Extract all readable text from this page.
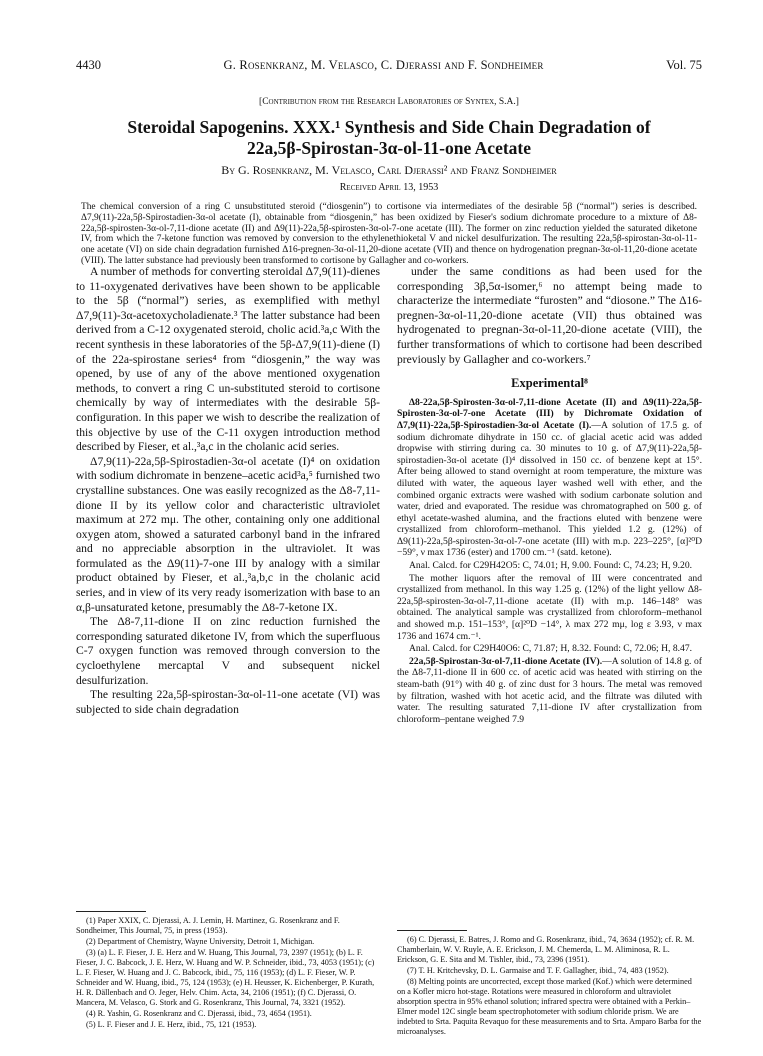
4430	G. Rosenkranz, M. Velasco, C. Djerassi and F. Sondheimer	Vol. 75
[Contribution from the Research Laboratories of Syntex, S.A.]
Steroidal Sapogenins. XXX.¹ Synthesis and Side Chain Degradation of
22a,5β-Spirostan-3α-ol-11-one Acetate
By G. Rosenkranz, M. Velasco, Carl Djerassi² and Franz Sondheimer
Received April 13, 1953
The chemical conversion of a ring C unsubstituted steroid (“diosgenin”) to cortisone via intermediates of the desirable 5β (“normal”) series is described. Δ7,9(11)-22a,5β-Spirostadien-3α-ol acetate (I), obtainable from “diosgenin,” has been oxidized by Fieser's sodium dichromate procedure to a mixture of Δ8-22a,5β-spirosten-3α-ol-7,11-dione acetate (II) and Δ9(11)-22a,5β-spirosten-3α-ol-7-one acetate (III). The former on zinc reduction yielded the saturated diketone IV, from which the 7-ketone function was removed by conversion to the ethylenethioketal V and nickel desulfurization. The resulting 22a,5β-spirostan-3α-ol-11-one acetate (VI) on side chain degradation furnished Δ16-pregnen-3α-ol-11,20-dione acetate (VII) and thence on hydrogenation pregnan-3α-ol-11,20-dione acetate (VIII). The latter substance had previously been transformed to cortisone by Gallagher and co-workers.

A number of methods for converting steroidal Δ7,9(11)-dienes to 11-oxygenated derivatives have been shown to be applicable to the 5β (“normal”) series, as exemplified with methyl Δ7,9(11)-3α-acetoxycholadienate.³ The latter substance had been derived from a C-12 oxygenated steroid, cholic acid.³a,c With the recent synthesis in these laboratories of the 5β-Δ7,9(11)-diene (I) of the 22a-spirostane series⁴ from “diosgenin,” the way was opened, by use of any of the above mentioned oxygenation methods, to convert a ring C un-substituted steroid to cortisone chemically by way of intermediates with the desirable 5β-configuration. In this paper we wish to describe the realization of this objective by use of the C-11 oxygen introduction method described by Fieser, et al.,³a,c in the cholanic acid series.

Δ7,9(11)-22a,5β-Spirostadien-3α-ol acetate (I)⁴ on oxidation with sodium dichromate in benzene–acetic acid³a,⁵ furnished two crystalline substances. One was easily recognized as the Δ8-7,11-dione II by its yellow color and characteristic ultraviolet maximum at 272 mμ. The other, containing only one additional oxygen atom, showed a saturated carbonyl band in the infrared and no appreciable absorption in the ultraviolet. It was formulated as the Δ9(11)-7-one III by analogy with a similar product obtained by Fieser, et al.,³a,b,c in the cholanic acid series, and in view of its very ready isomerization with base to an α,β-unsaturated ketone, presumably the Δ8-7-ketone IX.

The Δ8-7,11-dione II on zinc reduction furnished the corresponding saturated diketone IV, from which the superfluous C-7 oxygen function was removed through conversion to the cycloethylene mercaptal V and subsequent nickel desulfurization.

The resulting 22a,5β-spirostan-3α-ol-11-one acetate (VI) was subjected to side chain degradation

(1) Paper XXIX, C. Djerassi, A. J. Lemin, H. Martinez, G. Rosenkranz and F. Sondheimer, This Journal, 75, in press (1953).

(2) Department of Chemistry, Wayne University, Detroit 1, Michigan.

(3) (a) L. F. Fieser, J. E. Herz and W. Huang, This Journal, 73, 2397 (1951); (b) L. F. Fieser, J. C. Babcock, J. E. Herz, W. Huang and W. P. Schneider, ibid., 73, 4053 (1951); (c) L. F. Fieser, W. Huang and J. C. Babcock, ibid., 75, 116 (1953); (d) L. F. Fieser, W. P. Schneider and W. Huang, ibid., 75, 124 (1953); (e) H. Heusser, K. Eichenberger, P. Kurath, H. R. Dällenbach and O. Jeger, Helv. Chim. Acta, 34, 2106 (1951); (f) C. Djerassi, O. Mancera, M. Velasco, G. Stork and G. Rosenkranz, This Journal, 74, 3321 (1952).

(4) R. Yashin, G. Rosenkranz and C. Djerassi, ibid., 73, 4654 (1951).

(5) L. F. Fieser and J. E. Herz, ibid., 75, 121 (1953).

under the same conditions as had been used for the corresponding 3β,5α-isomer,⁶ no attempt being made to characterize the intermediate “furosten” and “diosone.” The Δ16-pregnen-3α-ol-11,20-dione acetate (VII) thus obtained was hydrogenated to pregnan-3α-ol-11,20-dione acetate (VIII), the further transformations of which to cortisone had been described previously by Gallagher and co-workers.⁷

Experimental⁸

Δ8-22a,5β-Spirosten-3α-ol-7,11-dione Acetate (II) and Δ9(11)-22a,5β-Spirosten-3α-ol-7-one Acetate (III) by Dichromate Oxidation of Δ7,9(11)-22a,5β-Spirostadien-3α-ol Acetate (I).—A solution of 17.5 g. of sodium dichromate dihydrate in 150 cc. of glacial acetic acid was added dropwise with stirring during ca. 30 minutes to 10 g. of Δ7,9(11)-22a,5β-spirostadien-3α-ol acetate (I)⁴ dissolved in 150 cc. of benzene kept at 15°. After being allowed to stand overnight at room temperature, the mixture was diluted with water, the aqueous layer washed well with ether, and the combined organic extracts were washed with sodium carbonate solution and water, dried and evaporated. The residue was chromatographed on 500 g. of ethyl acetate-washed alumina, and the fractions eluted with benzene were crystallized from chloroform–methanol. This yielded 1.2 g. (12%) of Δ9(11)-22a,5β-spirosten-3α-ol-7-one acetate (III) with m.p. 223–225°, [α]²⁰D −59°, ν max 1736 (ester) and 1700 cm.⁻¹ (satd. ketone).

Anal. Calcd. for C29H42O5: C, 74.01; H, 9.00. Found: C, 74.23; H, 9.20.

The mother liquors after the removal of III were concentrated and crystallized from methanol. In this way 1.25 g. (12%) of the light yellow Δ8-22a,5β-spirosten-3α-ol-7,11-dione acetate (II) with m.p. 146–148° was obtained. The analytical sample was crystallized from chloroform–methanol and showed m.p. 151–153°, [α]²⁰D −14°, λ max 272 mμ, log ε 3.93, ν max 1736 and 1674 cm.⁻¹.

Anal. Calcd. for C29H40O6: C, 71.87; H, 8.32. Found: C, 72.06; H, 8.47.

22a,5β-Spirostan-3α-ol-7,11-dione Acetate (IV).—A solution of 14.8 g. of the Δ8-7,11-dione II in 600 cc. of acetic acid was heated with stirring on the steam-bath (91°) with 40 g. of zinc dust for 3 hours. The metal was removed by filtration, washed with hot acetic acid, and the filtrate was diluted with water. The resulting saturated 7,11-dione IV after crystallization from chloroform–pentane weighed 7.9

(6) C. Djerassi, E. Batres, J. Romo and G. Rosenkranz, ibid., 74, 3634 (1952); cf. R. M. Chamberlain, W. V. Ruyle, A. E. Erickson, J. M. Chemerda, L. M. Aliminosa, R. L. Erickson, G. E. Sita and M. Tishler, ibid., 73, 2396 (1951).

(7) T. H. Kritchevsky, D. L. Garmaise and T. F. Gallagher, ibid., 74, 483 (1952).

(8) Melting points are uncorrected, except those marked (Kof.) which were determined on a Kofler micro hot-stage. Rotations were measured in chloroform and ultraviolet absorption spectra in 95% ethanol solution; infrared spectra were obtained with a Perkin–Elmer model 12C single beam spectrophotometer with sodium chloride prism. We are indebted to Srta. Paquita Revaquo for these measurements and to Srta. Amparo Barba for the microanalyses.
